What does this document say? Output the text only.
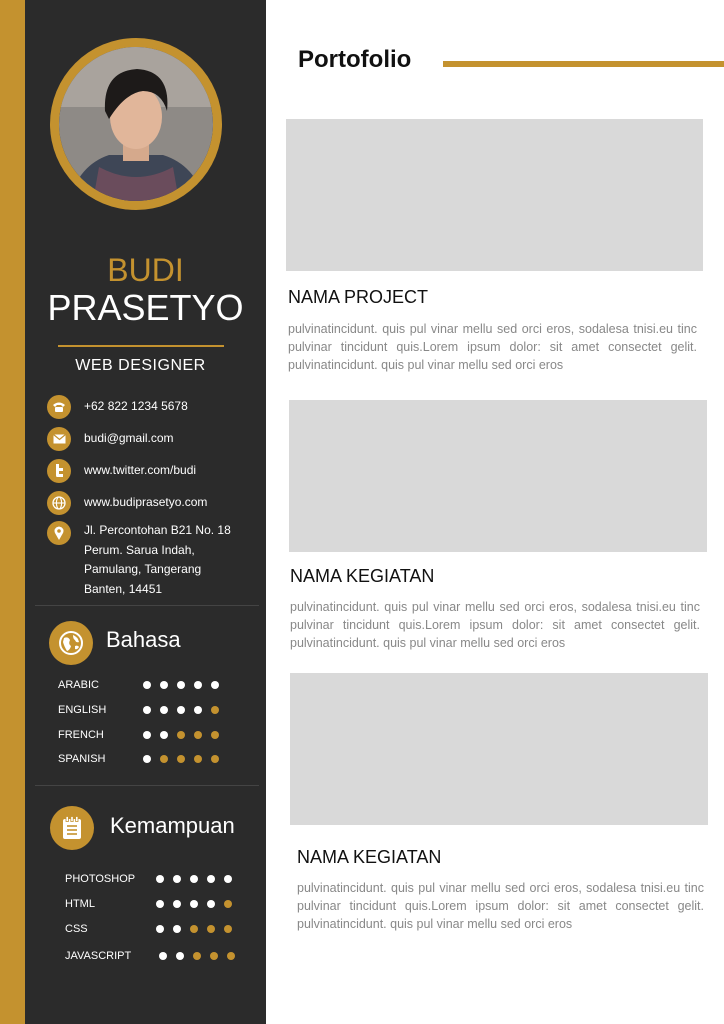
BUDI
PRASETYO
WEB DESIGNER
+62 822 1234 5678
budi@gmail.com
www.twitter.com/budi
www.budiprasetyo.com
Jl. Percontohan B21 No. 18
Perum. Sarua Indah,
Pamulang, Tangerang
Banten, 14451
Bahasa
ARABIC
ENGLISH
FRENCH
SPANISH
Kemampuan
PHOTOSHOP
HTML
CSS
JAVASCRIPT
Portofolio
NAMA PROJECT
pulvinatincidunt. quis pul vinar mellu sed orci eros, sodalesa tnisi.eu tinc pulvinar tincidunt quis.Lorem ipsum dolor: sit amet consectet gelit. pulvinatincidunt. quis pul vinar mellu sed orci eros
NAMA KEGIATAN
pulvinatincidunt. quis pul vinar mellu sed orci eros, sodalesa tnisi.eu tinc pulvinar tincidunt quis.Lorem ipsum dolor: sit amet consectet gelit. pulvinatincidunt. quis pul vinar mellu sed orci eros
NAMA KEGIATAN
pulvinatincidunt. quis pul vinar mellu sed orci eros, sodalesa tnisi.eu tinc pulvinar tincidunt quis.Lorem ipsum dolor: sit amet consectet gelit. pulvinatincidunt. quis pul vinar mellu sed orci eros
